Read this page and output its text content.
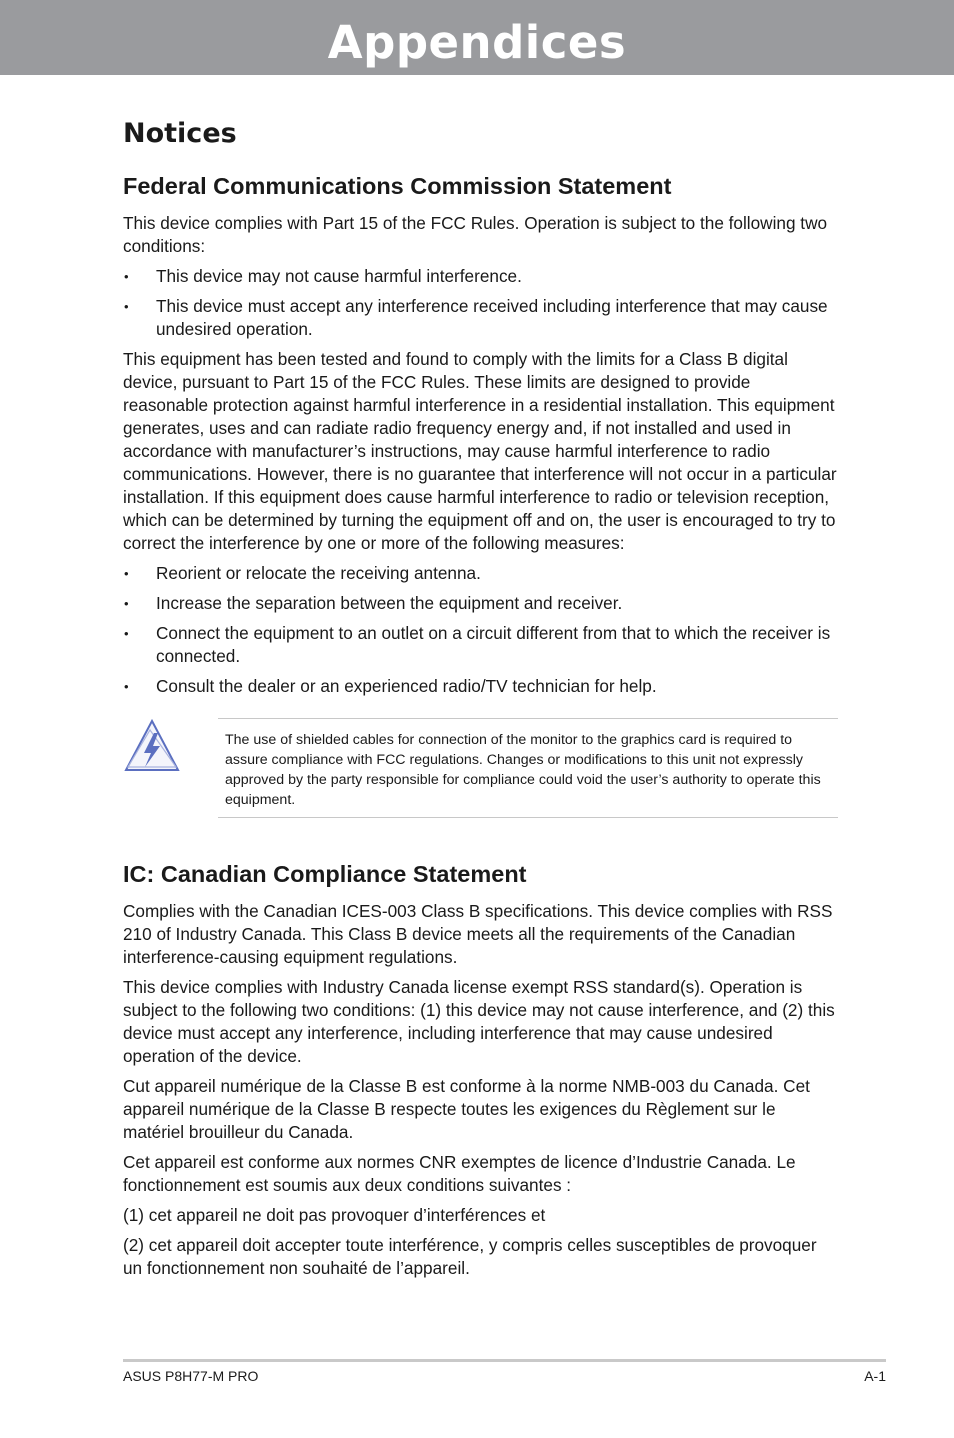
Appendices
Notices
Federal Communications Commission Statement

This device complies with Part 15 of the FCC Rules. Operation is subject to the following two conditions:

• This device may not cause harmful interference.
• This device must accept any interference received including interference that may cause undesired operation.

This equipment has been tested and found to comply with the limits for a Class B digital device, pursuant to Part 15 of the FCC Rules. These limits are designed to provide reasonable protection against harmful interference in a residential installation. This equipment generates, uses and can radiate radio frequency energy and, if not installed and used in accordance with manufacturer’s instructions, may cause harmful interference to radio communications. However, there is no guarantee that interference will not occur in a particular installation. If this equipment does cause harmful interference to radio or television reception, which can be determined by turning the equipment off and on, the user is encouraged to try to correct the interference by one or more of the following measures:

• Reorient or relocate the receiving antenna.
• Increase the separation between the equipment and receiver.
• Connect the equipment to an outlet on a circuit different from that to which the receiver is connected.
• Consult the dealer or an experienced radio/TV technician for help.

The use of shielded cables for connection of the monitor to the graphics card is required to assure compliance with FCC regulations. Changes or modifications to this unit not expressly approved by the party responsible for compliance could void the user’s authority to operate this equipment.

IC: Canadian Compliance Statement

Complies with the Canadian ICES-003 Class B specifications. This device complies with RSS 210 of Industry Canada. This Class B device meets all the requirements of the Canadian interference-causing equipment regulations.

This device complies with Industry Canada license exempt RSS standard(s). Operation is subject to the following two conditions: (1) this device may not cause interference, and (2) this device must accept any interference, including interference that may cause undesired operation of the device.

Cut appareil numérique de la Classe B est conforme à la norme NMB-003 du Canada. Cet appareil numérique de la Classe B respecte toutes les exigences du Règlement sur le matériel brouilleur du Canada.

Cet appareil est conforme aux normes CNR exemptes de licence d’Industrie Canada. Le fonctionnement est soumis aux deux conditions suivantes :

(1) cet appareil ne doit pas provoquer d’interférences et

(2) cet appareil doit accepter toute interférence, y compris celles susceptibles de provoquer un fonctionnement non souhaité de l’appareil.

ASUS P8H77-M PRO	A-1
